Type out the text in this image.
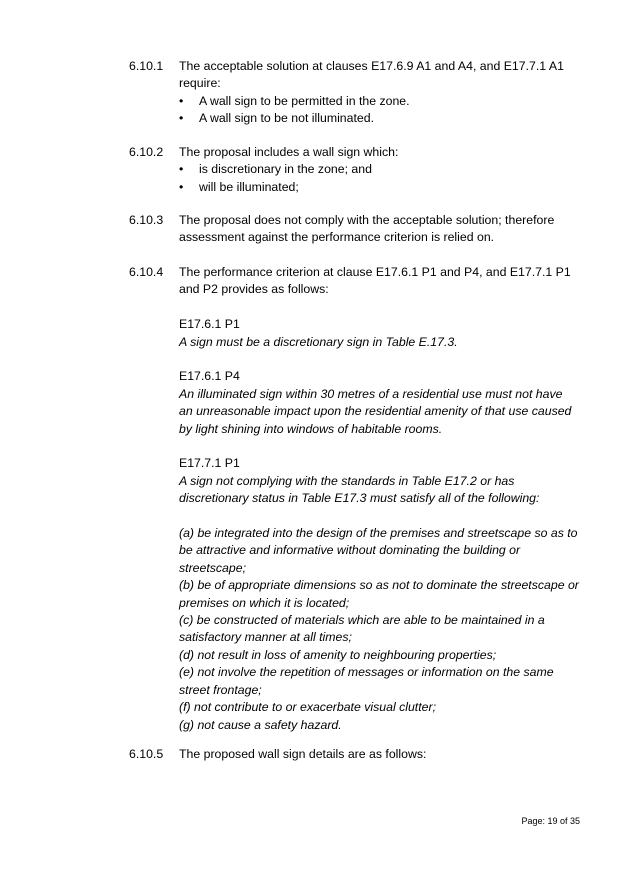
6.10.1 The acceptable solution at clauses E17.6.9 A1 and A4, and E17.7.1 A1 require:
• A wall sign to be permitted in the zone.
• A wall sign to be not illuminated.
6.10.2 The proposal includes a wall sign which:
• is discretionary in the zone; and
• will be illuminated;
6.10.3 The proposal does not comply with the acceptable solution; therefore assessment against the performance criterion is relied on.
6.10.4 The performance criterion at clause E17.6.1 P1 and P4, and E17.7.1 P1 and P2 provides as follows:
E17.6.1 P1
A sign must be a discretionary sign in Table E.17.3.
E17.6.1 P4
An illuminated sign within 30 metres of a residential use must not have an unreasonable impact upon the residential amenity of that use caused by light shining into windows of habitable rooms.
E17.7.1 P1
A sign not complying with the standards in Table E17.2 or has discretionary status in Table E17.3 must satisfy all of the following:
(a) be integrated into the design of the premises and streetscape so as to be attractive and informative without dominating the building or streetscape;
(b) be of appropriate dimensions so as not to dominate the streetscape or premises on which it is located;
(c) be constructed of materials which are able to be maintained in a satisfactory manner at all times;
(d) not result in loss of amenity to neighbouring properties;
(e) not involve the repetition of messages or information on the same street frontage;
(f) not contribute to or exacerbate visual clutter;
(g) not cause a safety hazard.
6.10.5 The proposed wall sign details are as follows:
Page: 19 of 35
